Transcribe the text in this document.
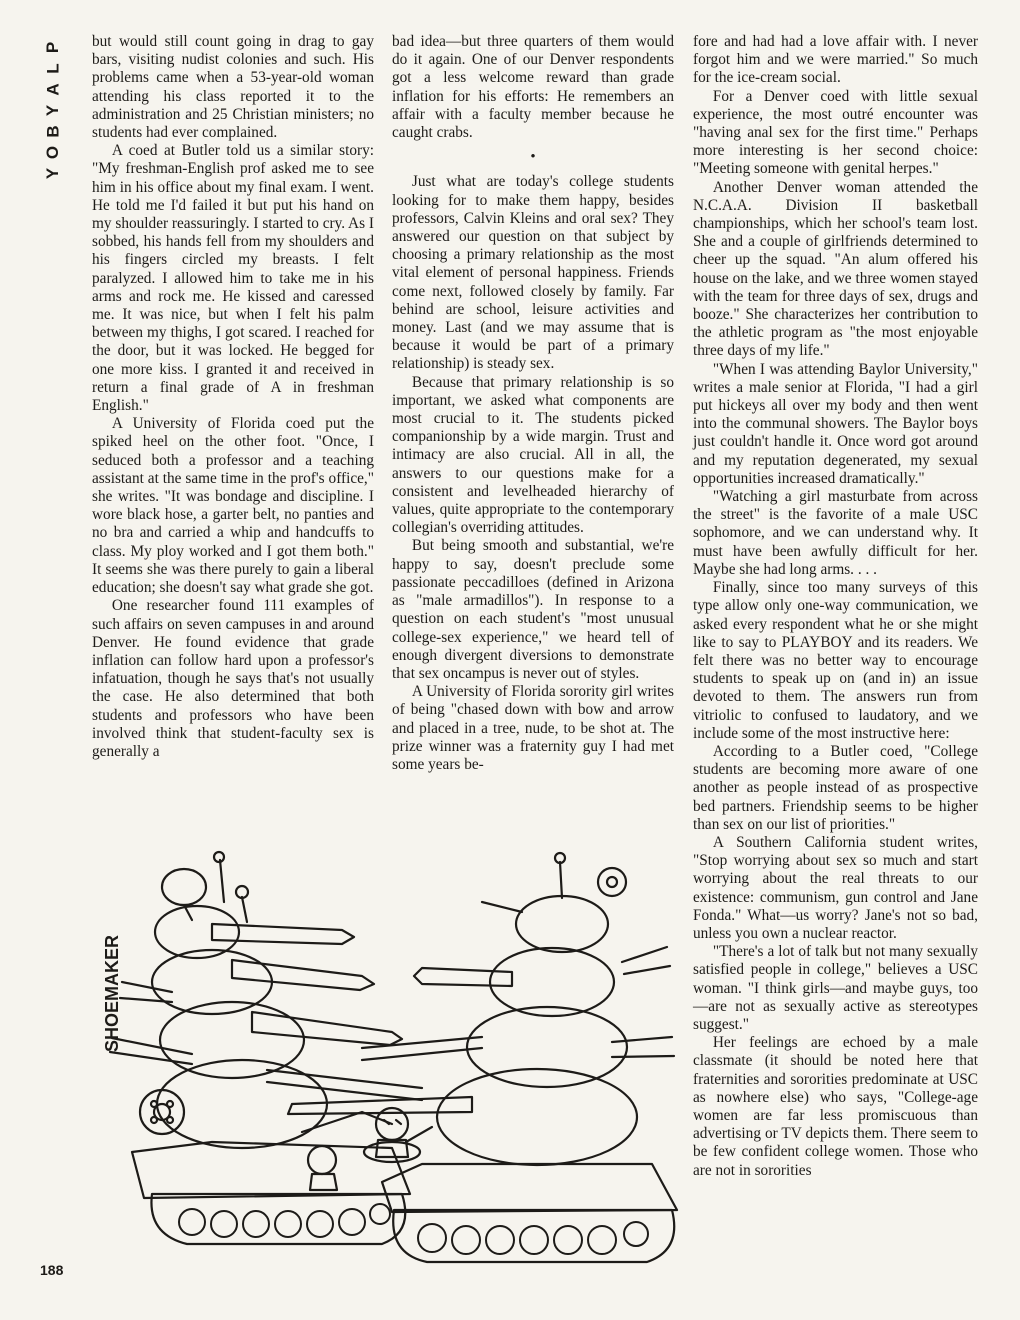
P
L
A
Y
B
O
Y

but would still count going in drag to gay bars, visiting nudist colonies and such. His problems came when a 53-year-old woman attending his class reported it to the administration and 25 Christian ministers; no students had ever complained.

A coed at Butler told us a similar story: "My freshman-English prof asked me to see him in his office about my final exam. I went. He told me I'd failed it but put his hand on my shoulder reassuringly. I started to cry. As I sobbed, his hands fell from my shoulders and his fingers circled my breasts. I felt paralyzed. I allowed him to take me in his arms and rock me. He kissed and caressed me. It was nice, but when I felt his palm between my thighs, I got scared. I reached for the door, but it was locked. He begged for one more kiss. I granted it and received in return a final grade of A in freshman English."

A University of Florida coed put the spiked heel on the other foot. "Once, I seduced both a professor and a teaching assistant at the same time in the prof's office," she writes. "It was bondage and discipline. I wore black hose, a garter belt, no panties and no bra and carried a whip and handcuffs to class. My ploy worked and I got them both." It seems she was there purely to gain a liberal education; she doesn't say what grade she got.

One researcher found 111 examples of such affairs on seven campuses in and around Denver. He found evidence that grade inflation can follow hard upon a professor's infatuation, though he says that's not usually the case. He also determined that both students and professors who have been involved think that student-faculty sex is generally a

bad idea—but three quarters of them would do it again. One of our Denver respondents got a less welcome reward than grade inflation for his efforts: He remembers an affair with a faculty member because he caught crabs.

•

Just what are today's college students looking for to make them happy, besides professors, Calvin Kleins and oral sex? They answered our question on that subject by choosing a primary relationship as the most vital element of personal happiness. Friends come next, followed closely by family. Far behind are school, leisure activities and money. Last (and we may assume that is because it would be part of a primary relationship) is steady sex.

Because that primary relationship is so important, we asked what components are most crucial to it. The students picked companionship by a wide margin. Trust and intimacy are also crucial. All in all, the answers to our questions make for a consistent and levelheaded hierarchy of values, quite appropriate to the contemporary collegian's overriding attitudes.

But being smooth and substantial, we're happy to say, doesn't preclude some passionate peccadilloes (defined in Arizona as "male armadillos"). In response to a question on each student's "most unusual college-sex experience," we heard tell of enough divergent diversions to demonstrate that sex oncampus is never out of styles.

A University of Florida sorority girl writes of being "chased down with bow and arrow and placed in a tree, nude, to be shot at. The prize winner was a fraternity guy I had met some years be-

fore and had had a love affair with. I never forgot him and we were married." So much for the ice-cream social.

For a Denver coed with little sexual experience, the most outré encounter was "having anal sex for the first time." Perhaps more interesting is her second choice: "Meeting someone with genital herpes."

Another Denver woman attended the N.C.A.A. Division II basketball championships, which her school's team lost. She and a couple of girlfriends determined to cheer up the squad. "An alum offered his house on the lake, and we three women stayed with the team for three days of sex, drugs and booze." She characterizes her contribution to the athletic program as "the most enjoyable three days of my life."

"When I was attending Baylor University," writes a male senior at Florida, "I had a girl put hickeys all over my body and then went into the communal showers. The Baylor boys just couldn't handle it. Once word got around and my reputation degenerated, my sexual opportunities increased dramatically."

"Watching a girl masturbate from across the street" is the favorite of a male USC sophomore, and we can understand why. It must have been awfully difficult for her. Maybe she had long arms. . . .

Finally, since too many surveys of this type allow only one-way communication, we asked every respondent what he or she might like to say to PLAYBOY and its readers. We felt there was no better way to encourage students to speak up on (and in) an issue devoted to them. The answers run from vitriolic to confused to laudatory, and we include some of the most instructive here:

According to a Butler coed, "College students are becoming more aware of one another as people instead of as prospective bed partners. Friendship seems to be higher than sex on our list of priorities."

A Southern California student writes, "Stop worrying about sex so much and start worrying about the real threats to our existence: communism, gun control and Jane Fonda." What—us worry? Jane's not so bad, unless you own a nuclear reactor.

"There's a lot of talk but not many sexually satisfied people in college," believes a USC woman. "I think girls—and maybe guys, too—are not as sexually active as stereotypes suggest."

Her feelings are echoed by a male classmate (it should be noted here that fraternities and sororities predominate at USC as nowhere else) who says, "College-age women are far less promiscuous than advertising or TV depicts them. There seem to be few confident college women. Those who are not in sororities

SHOEMAKER
188
